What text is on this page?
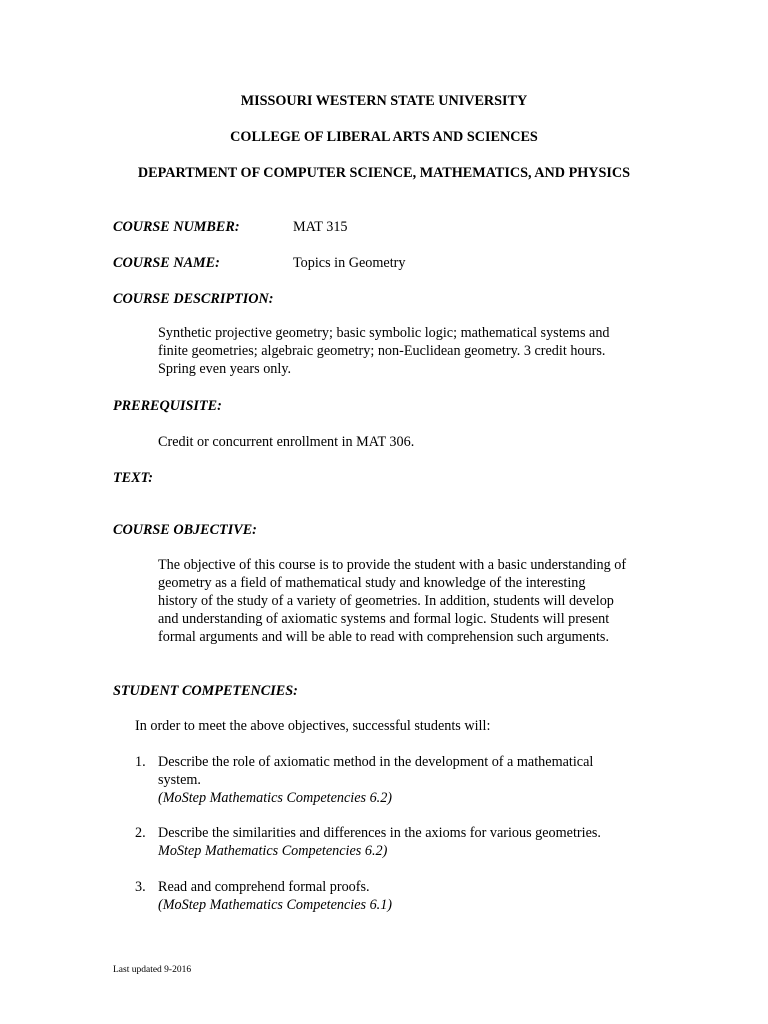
MISSOURI WESTERN STATE UNIVERSITY
COLLEGE OF LIBERAL ARTS AND SCIENCES
DEPARTMENT OF COMPUTER SCIENCE, MATHEMATICS, AND PHYSICS
COURSE NUMBER:	MAT 315
COURSE NAME:	Topics in Geometry
COURSE DESCRIPTION:
Synthetic projective geometry; basic symbolic logic; mathematical systems and
finite geometries; algebraic geometry; non-Euclidean geometry. 3 credit hours.
Spring even years only.
PREREQUISITE:
Credit or concurrent enrollment in MAT 306.
TEXT:
COURSE OBJECTIVE:
The objective of this course is to provide the student with a basic understanding of
geometry as a field of mathematical study and knowledge of the interesting
history of the study of a variety of geometries. In addition, students will develop
and understanding of axiomatic systems and formal logic. Students will present
formal arguments and will be able to read with comprehension such arguments.
STUDENT COMPETENCIES:
In order to meet the above objectives, successful students will:
1. Describe the role of axiomatic method in the development of a mathematical
system.
(MoStep Mathematics Competencies 6.2)
2. Describe the similarities and differences in the axioms for various geometries.
MoStep Mathematics Competencies 6.2)
3. Read and comprehend formal proofs.
(MoStep Mathematics Competencies 6.1)
Last updated 9-2016
